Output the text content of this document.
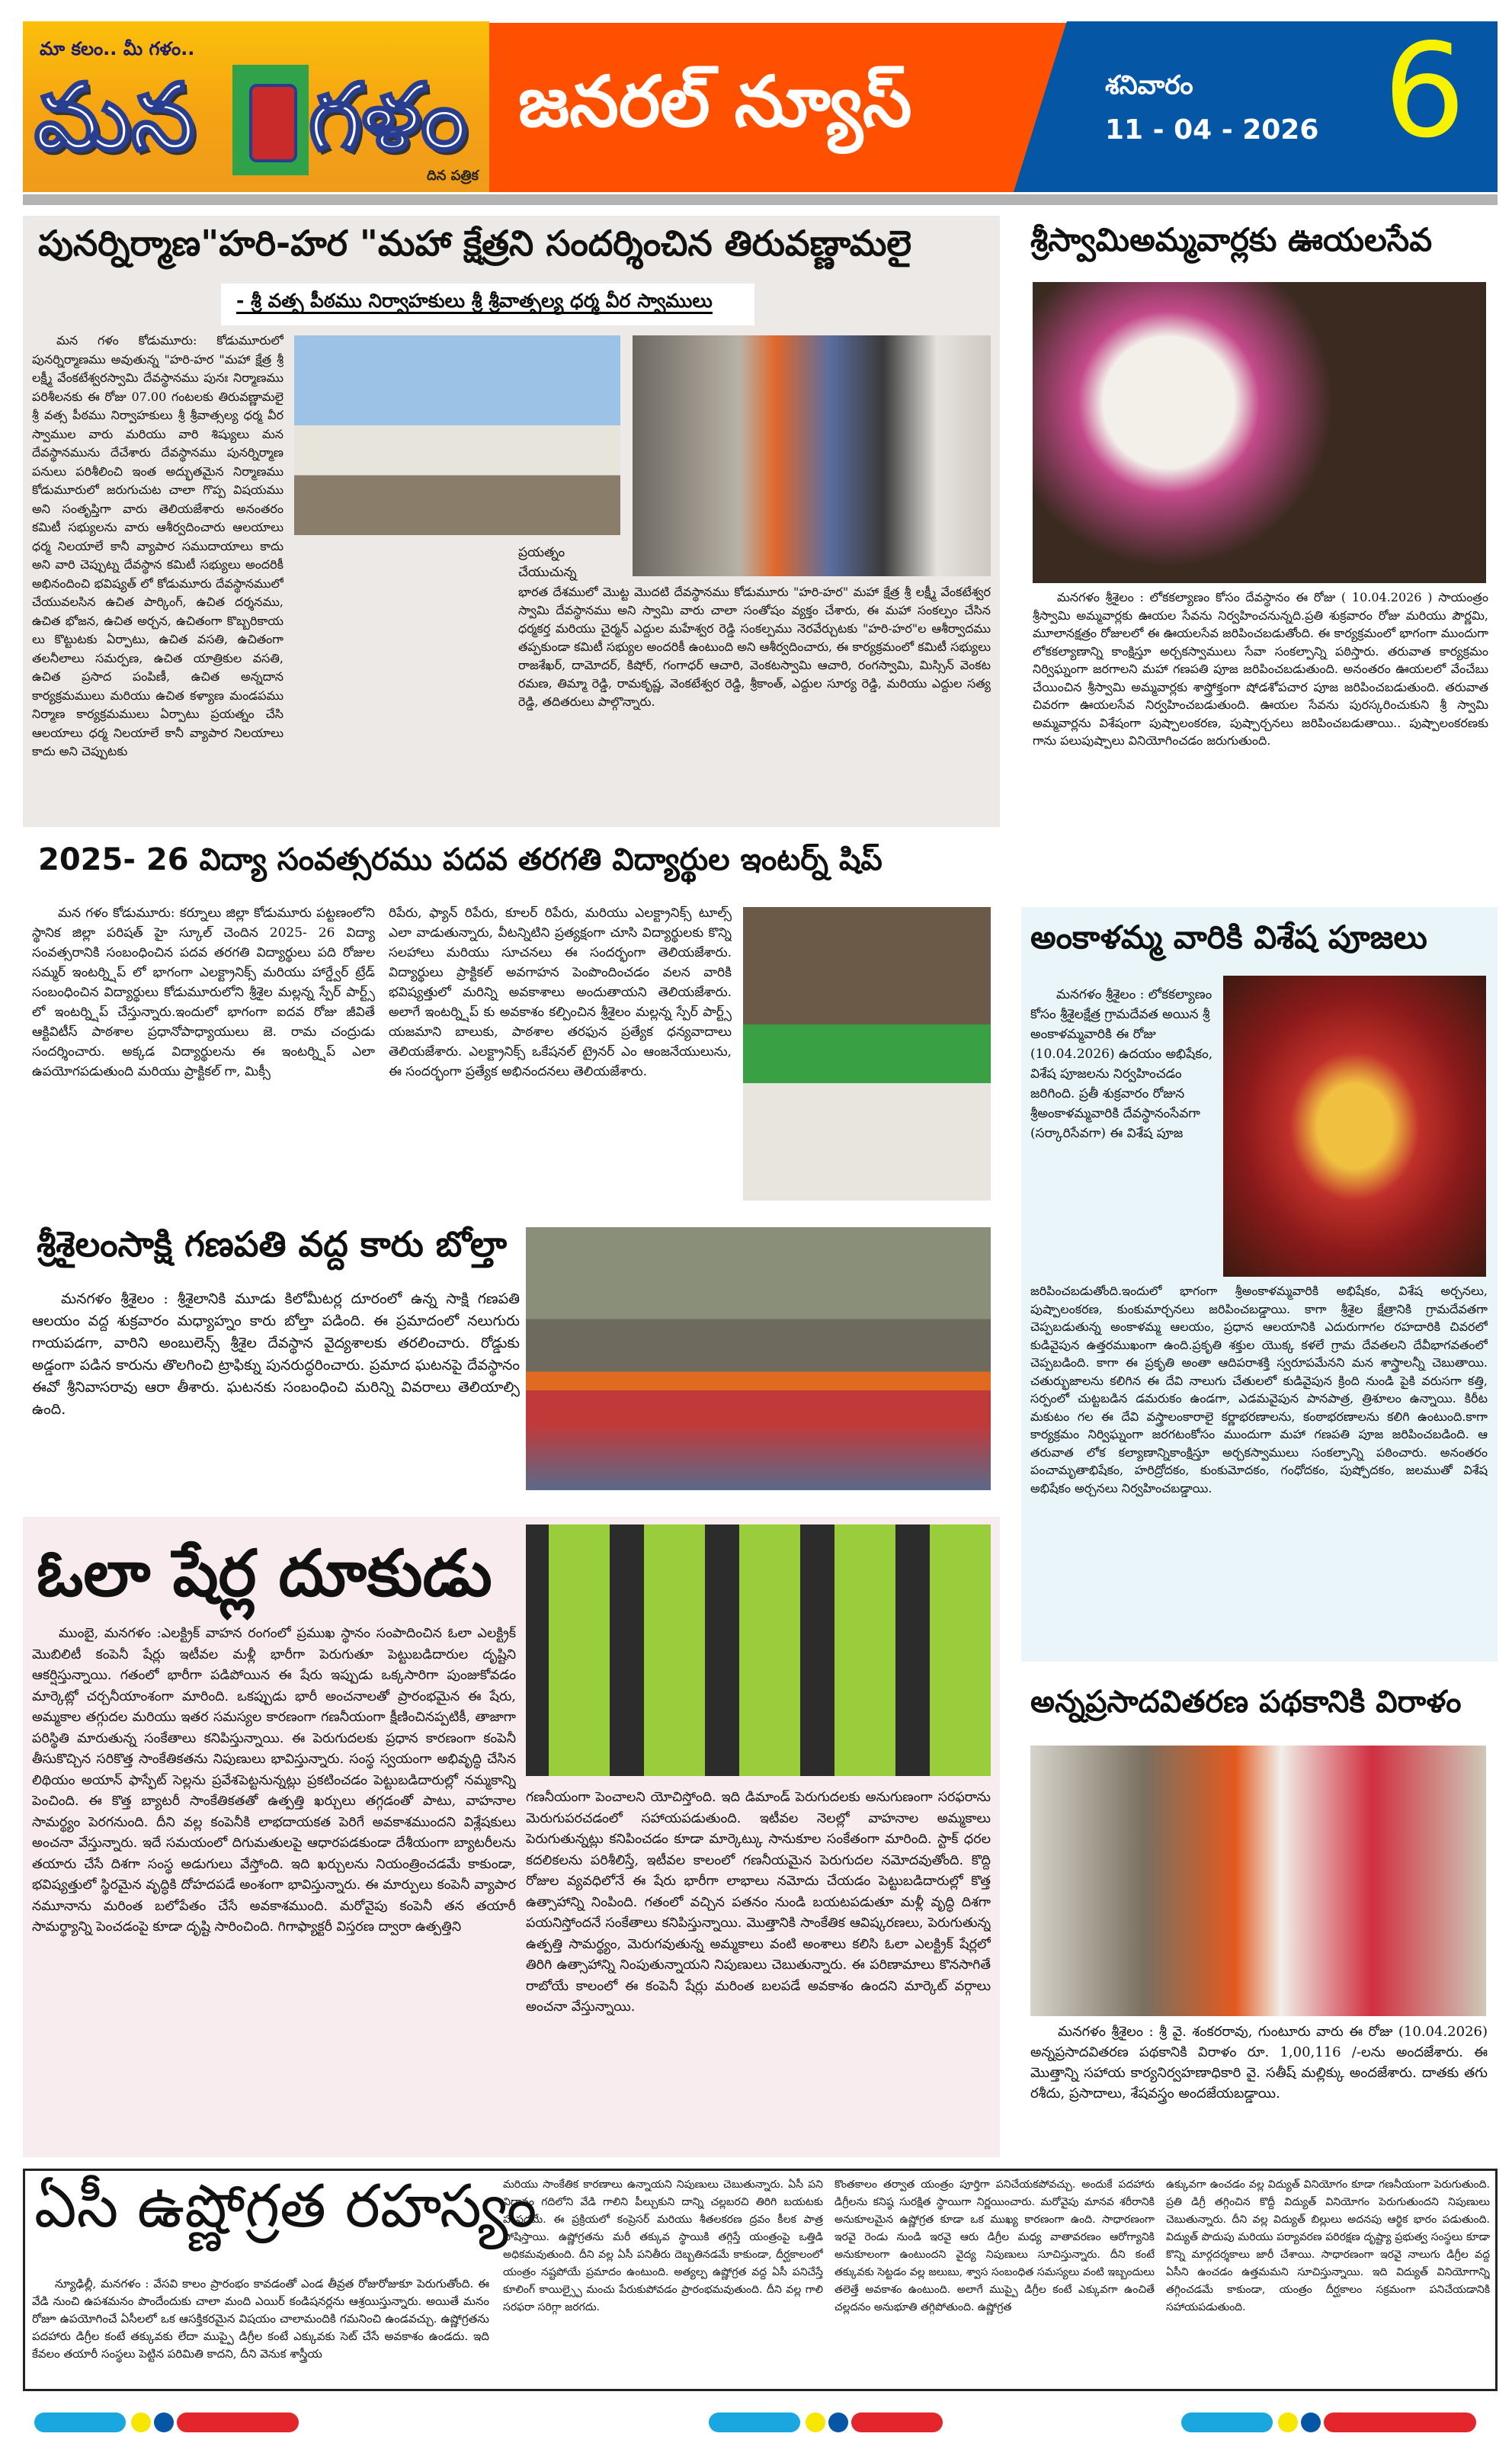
మా కలం.. మీ గళం..
మన గళం
దిన పత్రిక
జనరల్ న్యూస్	శనివారం
11 - 04 - 2026 6
పునర్నిర్మాణ"హరి-హర "మహా క్షేత్రని సందర్శించిన తిరువణ్ణామలై
- శ్రీ వత్స పీఠము నిర్వాహకులు శ్రీ శ్రీవాత్సల్య ధర్మ వీర స్వాములు

మన గళం కోడుమూరు: కోడుమూరులో పునర్నిర్మాణము అవుతున్న "హరి-హర "మహా క్షేత్ర శ్రీ లక్ష్మీ వేంకటేశ్వరస్వామి దేవస్థానము పునః నిర్మాణము పరిశీలనకు ఈ రోజు 07.00 గంటలకు తిరువణ్ణామలై శ్రీ వత్స పీఠము నిర్వాహకులు శ్రీ శ్రీవాత్సల్య ధర్మ వీర స్వాముల వారు మరియు వారి శిష్యులు మన దేవస్థానమును దేచేశారు దేవస్థానము పునర్నిర్మాణ పనులు పరిశీలించి ఇంత అద్భుతమైన నిర్మాణము కోడుమూరులో జరుగుచుట చాలా గొప్ప విషయము అని సంతృప్తిగా వారు తెలియజేశారు అనంతరం కమిటీ సభ్యులను వారు ఆశీర్వదించారు ఆలయాలు ధర్మ నిలయాలే కానీ వ్యాపార సముదాయాలు కాదు అని వారి చెప్పుట్న దేవస్థాన కమిటీ సభ్యులు అందరికీ అభినందించి భవిష్యత్ లో కోడుమూరు దేవస్థానములో చేయువలసిన ఉచిత పార్కింగ్, ఉచిత దర్శనము, ఉచిత భోజన, ఉచిత అర్చన, ఉచితంగా కొబ్బరికాయ లు కొట్టుటకు ఏర్పాటు, ఉచిత వసతి, ఉచితంగా తలనీలాలు సమర్పణ, ఉచిత యాత్రికుల వసతి, ఉచిత ప్రసాద పంపిణీ, ఉచిత అన్నదాన కార్యక్రమములు మరియు ఉచిత కళ్యాణ మండపము నిర్మాణ కార్యక్రమములు ఏర్పాటు ప్రయత్నం చేసి ఆలయాలు ధర్మ నిలయాలే కానీ వ్యాపార నిలయాలు కాదు అని చెప్పుటకు

ప్రయత్నం చేయుచున్న
భారత దేశములో మొట్ట మొదటి దేవస్థానము కోడుమూరు "హరి-హర" మహా క్షేత్ర శ్రీ లక్ష్మీ వేంకటేశ్వర స్వామి దేవస్థానము అని స్వామి వారు చాలా సంతోషం వ్యక్తం చేశారు, ఈ మహా సంకల్పం చేసిన ధర్మకర్త మరియు చైర్మన్ ఎద్దుల మహేశ్వర రెడ్డి సంకల్పము నెరవేర్చుటకు "హరి-హర"ల ఆశీర్వాదము తప్పకుండా కమిటీ సభ్యుల అందరికీ ఉంటుంది అని ఆశీర్వదించారు, ఈ కార్యక్రమంలో కమిటీ సభ్యులు రాజశేఖర్, దామోదర్, కిషోర్, గంగాధర్ ఆచారి, వెంకటస్వామి ఆచారి, రంగస్వామి, మిస్సిన్ వెంకట రమణ, తిమ్మా రెడ్డి, రామకృష్ణ, వెంకటేశ్వర రెడ్డి, శ్రీకాంత్, ఎద్దుల సూర్య రెడ్డి, మరియు ఎద్దుల సత్య రెడ్డి, తదితరులు పాల్గొన్నారు.
శ్రీస్వామిఅమ్మవార్లకు ఊయలసేవ

మనగళం శ్రీశైలం : లోకకల్యాణం కోసం దేవస్థానం ఈ రోజు ( 10.04.2026 ) సాయంత్రం శ్రీస్వామి అమ్మవార్లకు ఊయల సేవను నిర్వహించనున్నది.ప్రతి శుక్రవారం రోజు మరియు పౌర్ణమి, మూలానక్షత్రం రోజులలో ఈ ఊయలసేవ జరిపించబడుతోంది. ఈ కార్యక్రమంలో భాగంగా ముందుగా లోకకల్యాణాన్ని కాంక్షిస్తూ అర్చకస్వాములు సేవా సంకల్పాన్ని పఠిస్తారు. తరువాత కార్యక్రమం నిర్విఘ్నంగా జరగాలని మహా గణపతి పూజ జరిపించబడుతుంది. అనంతరం ఊయలలో వేంచేబు చేయించిన శ్రీస్వామి అమ్మవార్లకు శాస్త్రోక్తంగా షోడశోపచార పూజ జరిపించబడుతుంది. తరువాత చివరగా ఊయలసేవ నిర్వహించబడుతుంది. ఊయల సేవను పురస్కరించుకుని శ్రీ స్వామి అమ్మవార్లను విశేషంగా పుష్పాలంకరణ, పుష్పార్చనలు జరిపించబడుతాయి.. పుష్పాలంకరణకు గాను పలుపుష్పాలు వినియోగించడం జరుగుతుంది.

2025- 26 విద్యా సంవత్సరము పదవ తరగతి విద్యార్థుల ఇంటర్న్ షిప్

మన గళం కోడుమూరు: కర్నూలు జిల్లా కోడుమూరు పట్టణంలోని స్థానిక జిల్లా పరిషత్ హై స్కూల్ చెందిన 2025- 26 విద్యా సంవత్సరానికి సంబంధించిన పదవ తరగతి విద్యార్థులు పది రోజుల సమ్మర్ ఇంటర్న్షిప్ లో భాగంగా ఎలక్ట్రానిక్స్ మరియు హార్డ్వేర్ ట్రేడ్ సంబంధించిన విద్యార్థులు కోడుమూరులోని శ్రీశైల మల్లన్న స్పేర్ పార్ట్స్ లో ఇంటర్న్షిప్ చేస్తున్నారు.ఇందులో భాగంగా ఐదవ రోజు జీవితే ఆక్టివిటీస్ పాఠశాల ప్రధానోపాధ్యాయులు జె. రామ చంద్రుడు సందర్శించారు. అక్కడ విద్యార్థులను ఈ ఇంటర్న్షిప్ ఎలా ఉపయోగపడుతుంది మరియు ప్రాక్టికల్ గా, మిక్సీ

రిపేరు, ఫ్యాన్ రిపేరు, కూలర్ రిపేరు, మరియు ఎలక్ట్రానిక్స్ టూల్స్ ఎలా వాడుతున్నారు, వీటన్నిటిని ప్రత్యక్షంగా చూసి విద్యార్థులకు కొన్ని సలహాలు మరియు సూచనలు ఈ సందర్భంగా తెలియజేశారు. విద్యార్థులు ప్రాక్టికల్ అవగాహన పెంపొందించడం వలన వారికి భవిష్యత్తులో మరిన్ని అవకాశాలు అందుతాయని తెలియజేశారు. అలాగే ఇంటర్న్షిప్ కు అవకాశం కల్పించిన శ్రీశైలం మల్లన్న స్పేర్ పార్ట్స్ యజమాని బాలుకు, పాఠశాల తరఫున ప్రత్యేక ధన్యవాదాలు తెలియజేశారు. ఎలక్ట్రానిక్స్ ఒకేషనల్ ట్రైనర్ ఎం ఆంజనేయులును, ఈ సందర్భంగా ప్రత్యేక అభినందనలు తెలియజేశారు.
అంకాళమ్మ వారికి విశేష పూజలు

మనగళం శ్రీశైలం : లోకకల్యాణం కోసం శ్రీశైలక్షేత్ర గ్రామదేవత అయిన శ్రీ అంకాళమ్మవారికి ఈ రోజు (10.04.2026) ఉదయం అభిషేకం, విశేష పూజలను నిర్వహించడం జరిగింది. ప్రతీ శుక్రవారం రోజున శ్రీఅంకాళమ్మవారికి దేవస్థానంసేవగా (సర్కారిసేవగా) ఈ విశేష పూజ

జరిపించబడుతోంది.ఇందులో భాగంగా శ్రీఅంకాళమ్మవారికి అభిషేకం, విశేష అర్చనలు, పుష్పాలంకరణ, కుంకుమార్చనలు జరిపించబడ్డాయి. కాగా శ్రీశైల క్షేత్రానికి గ్రామదేవతగా చెప్పబడుతున్న అంకాళమ్మ ఆలయం, ప్రధాన ఆలయానికి ఎదురుగాగల రహదారికి చివరలో కుడివైపున ఉత్తరముఖంగా ఉంది.ప్రకృతి శక్తుల యొక్క కళలే గ్రామ దేవతలని దేవీభాగవతంలో చెప్పబడింది. కాగా ఈ ప్రకృతి అంతా ఆదిపరాశక్తి స్వరూపమేనని మన శాస్త్రాలన్నీ చెబుతాయి. చతుర్భుజాలను కలిగిన ఈ దేవి నాలుగు చేతులలో కుడివైపున క్రింది నుండి పైకి వరుసగా కత్తి, సర్పంలో చుట్టబడిన డమరుకం ఉండగా, ఎడమవైపున పానపాత్ర, త్రిశూలం ఉన్నాయి. కిరీట మకుటం గల ఈ దేవి వస్త్రాలంకారాలై కర్ణాభరణాలను, కంఠాభరణాలను కలిగి ఉంటుంది.కాగా కార్యక్రమం నిర్విఘ్నంగా జరగటంకోసం ముందుగా మహా గణపతి పూజ జరిపించబడింది. ఆ తరువాత లోక కల్యాణాన్నికాంక్షిస్తూ అర్చకస్వాములు సంకల్పాన్ని పఠించారు. అనంతరం పంచామృతాభిషేకం, హరిద్రోదకం, కుంకుమోదకం, గంధోదకం, పుష్పోదకం, జలముతో విశేష అభిషేకం అర్చనలు నిర్వహించబడ్డాయి.
శ్రీశైలంసాక్షి గణపతి వద్ద కారు బోల్తా

మనగళం శ్రీశైలం : శ్రీశైలానికి మూడు కిలోమీటర్ల దూరంలో ఉన్న సాక్షి గణపతి ఆలయం వద్ద శుక్రవారం మధ్యాహ్నం కారు బోల్తా పడింది. ఈ ప్రమాదంలో నలుగురు గాయపడగా, వారిని అంబులెన్స్ శ్రీశైల దేవస్థాన వైద్యశాలకు తరలించారు. రోడ్డుకు అడ్డంగా పడిన కారును తొలగించి ట్రాఫిక్ను పునరుద్ధరించారు. ప్రమాద ఘటనపై దేవస్థానం ఈవో శ్రీనివాసరావు ఆరా తీశారు. ఘటనకు సంబంధించి మరిన్ని వివరాలు తెలియాల్సి ఉంది.

ఓలా షేర్ల దూకుడు

ముంబై, మనగళం :ఎలక్ట్రిక్ వాహన రంగంలో ప్రముఖ స్థానం సంపాదించిన ఓలా ఎలక్ట్రిక్ మొబిలిటీ కంపెనీ షేర్లు ఇటీవల మళ్లీ భారీగా పెరుగుతూ పెట్టుబడిదారుల దృష్టిని ఆకర్షిస్తున్నాయి. గతంలో భారీగా పడిపోయిన ఈ షేరు ఇప్పుడు ఒక్కసారిగా పుంజుకోవడం మార్కెట్లో చర్చనీయాంశంగా మారింది. ఒకప్పుడు భారీ అంచనాలతో ప్రారంభమైన ఈ షేరు, అమ్మకాల తగ్గుదల మరియు ఇతర సమస్యల కారణంగా గణనీయంగా క్షీణించినప్పటికీ, తాజాగా పరిస్థితి మారుతున్న సంకేతాలు కనిపిస్తున్నాయి. ఈ పెరుగుదలకు ప్రధాన కారణంగా కంపెనీ తీసుకొచ్చిన సరికొత్త సాంకేతికతను నిపుణులు భావిస్తున్నారు. సంస్థ స్వయంగా అభివృద్ధి చేసిన లిథియం అయాన్ ఫాస్ఫేట్ సెల్లను ప్రవేశపెట్టనున్నట్లు ప్రకటించడం పెట్టుబడిదారుల్లో నమ్మకాన్ని పెంచింది. ఈ కొత్త బ్యాటరీ సాంకేతికతతో ఉత్పత్తి ఖర్చులు తగ్గడంతో పాటు, వాహనాల సామర్థ్యం పెరగనుంది. దీని వల్ల కంపెనీకి లాభదాయకత పెరిగే అవకాశముందని విశ్లేషకులు అంచనా వేస్తున్నారు. ఇదే సమయంలో దిగుమతులపై ఆధారపడకుండా దేశీయంగా బ్యాటరీలను తయారు చేసే దిశగా సంస్థ అడుగులు వేస్తోంది. ఇది ఖర్చులను నియంత్రించడమే కాకుండా, భవిష్యత్తులో స్థిరమైన వృద్ధికి దోహదపడే అంశంగా భావిస్తున్నారు. ఈ మార్పులు కంపెనీ వ్యాపార నమూనాను మరింత బలోపేతం చేసే అవకాశముంది. మరోవైపు కంపెనీ తన తయారీ సామర్థ్యాన్ని పెంచడంపై కూడా దృష్టి సారించింది. గిగాఫ్యాక్టరీ విస్తరణ ద్వారా ఉత్పత్తిని

గణనీయంగా పెంచాలని యోచిస్తోంది. ఇది డిమాండ్ పెరుగుదలకు అనుగుణంగా సరఫరాను మెరుగుపరచడంలో సహాయపడుతుంది. ఇటీవల నెలల్లో వాహనాల అమ్మకాలు పెరుగుతున్నట్లు కనిపించడం కూడా మార్కెట్కు సానుకూల సంకేతంగా మారింది. స్టాక్ ధరల కదలికలను పరిశీలిస్తే, ఇటీవల కాలంలో గణనీయమైన పెరుగుదల నమోదవుతోంది. కొద్ది రోజుల వ్యవధిలోనే ఈ షేరు భారీగా లాభాలు నమోదు చేయడం పెట్టుబడిదారుల్లో కొత్త ఉత్సాహాన్ని నింపింది. గతంలో వచ్చిన పతనం నుండి బయటపడుతూ మళ్లీ వృద్ధి దిశగా పయనిస్తోందనే సంకేతాలు కనిపిస్తున్నాయి. మొత్తానికి సాంకేతిక ఆవిష్కరణలు, పెరుగుతున్న ఉత్పత్తి సామర్థ్యం, మెరుగవుతున్న అమ్మకాలు వంటి అంశాలు కలిసి ఓలా ఎలక్ట్రిక్ షేర్లలో తిరిగి ఉత్సాహాన్ని నింపుతున్నాయని నిపుణులు చెబుతున్నారు. ఈ పరిణామాలు కొనసాగితే రాబోయే కాలంలో ఈ కంపెనీ షేర్లు మరింత బలపడే అవకాశం ఉందని మార్కెట్ వర్గాలు అంచనా వేస్తున్నాయి.
అన్నప్రసాదవితరణ పథకానికి విరాళం

మనగళం శ్రీశైలం : శ్రీ వై. శంకరరావు, గుంటూరు వారు ఈ రోజు (10.04.2026) అన్నప్రసాదవితరణ పథకానికి విరాళం రూ. 1,00,116 /-లను అందజేశారు. ఈ మొత్తాన్ని సహాయ కార్యనిర్వహణాధికారి వై. సతీష్ మల్లిక్కు అందజేశారు. దాతకు తగు రశీదు, ప్రసాదాలు, శేషవస్త్రం అందజేయబడ్డాయి.

ఏసీ ఉష్ణోగ్రత రహస్యం

న్యూఢిల్లీ, మనగళం : వేసవి కాలం ప్రారంభం కావడంతో ఎండ తీవ్రత రోజురోజుకూ పెరుగుతోంది. ఈ వేడి నుంచి ఉపశమనం పొందేందుకు చాలా మంది ఎయిర్ కండిషనర్లను ఆశ్రయిస్తున్నారు. అయితే మనం రోజూ ఉపయోగించే ఏసీలలో ఒక ఆసక్తికరమైన విషయం చాలామందికి గమనించి ఉండవచ్చు. ఉష్ణోగ్రతను పదహారు డిగ్రీల కంటే తక్కువకు లేదా ముప్పై డిగ్రీల కంటే ఎక్కువకు సెట్ చేసే అవకాశం ఉండదు. ఇది కేవలం తయారీ సంస్థలు పెట్టిన పరిమితి కాదని, దీని వెనుక శాస్త్రీయ

మరియు సాంకేతిక కారణాలు ఉన్నాయని నిపుణులు చెబుతున్నారు. ఏసీ పని విధానం గదిలోని వేడి గాలిని పీల్చుకుని దాన్ని చల్లబరచి తిరిగి బయటకు పంపడమే. ఈ ప్రక్రియలో కంప్రెసర్ మరియు శీతలకరణ ద్రవం కీలక పాత్ర పోషిస్తాయి. ఉష్ణోగ్రతను మరీ తక్కువ స్థాయికి తగ్గిస్తే యంత్రంపై ఒత్తిడి అధికమవుతుంది. దీని వల్ల ఏసీ పనితీరు దెబ్బతినడమే కాకుండా, దీర్ఘకాలంలో యంత్రం నష్టపోయే ప్రమాదం ఉంటుంది. అత్యల్ప ఉష్ణోగ్రత వద్ద ఏసీ పనిచేస్తే కూలింగ్ కాయిల్స్పై మంచు పేరుకుపోవడం ప్రారంభమవుతుంది. దీని వల్ల గాలి సరఫరా సరిగ్గా జరగదు.
కొంతకాలం తర్వాత యంత్రం పూర్తిగా పనిచేయకపోవచ్చు. అందుకే పదహారు డిగ్రీలను కనిష్ఠ సురక్షిత స్థాయిగా నిర్ణయించారు. మరోవైపు మానవ శరీరానికి అనుకూలమైన ఉష్ణోగ్రత కూడా ఒక ముఖ్య కారణంగా ఉంది. సాధారణంగా ఇరవై రెండు నుండి ఇరవై ఆరు డిగ్రీల మధ్య వాతావరణం ఆరోగ్యానికి అనుకూలంగా ఉంటుందని వైద్య నిపుణులు సూచిస్తున్నారు. దీని కంటే తక్కువకు సెట్టడం వల్ల జలుబు, శ్వాస సంబంధిత సమస్యలు వంటి ఇబ్బందులు తలెత్తే అవకాశం ఉంటుంది. అలాగే ముప్పై డిగ్రీల కంటే ఎక్కువగా ఉంచితే చల్లదనం అనుభూతి తగ్గిపోతుంది. ఉష్ణోగ్రత
ఉక్కువగా ఉంచడం వల్ల విద్యుత్ వినియోగం కూడా గణనీయంగా పెరుగుతుంది. ప్రతి డిగ్రీ తగ్గించిన కొద్దీ విద్యుత్ వినియోగం పెరుగుతుందని నిపుణులు చెబుతున్నారు. దీని వల్ల విద్యుత్ బిల్లులు అదనపు ఆర్థిక భారం పడుతుంది. విద్యుత్ పొదుపు మరియు పర్యావరణ పరిరక్షణ దృష్ట్యా ప్రభుత్వ సంస్థలు కూడా కొన్ని మార్గదర్శకాలు జారీ చేశాయి. సాధారణంగా ఇరవై నాలుగు డిగ్రీల వద్ద ఏసీని ఉంచడం ఉత్తమమని సూచిస్తున్నాయి. ఇది విద్యుత్ వినియోగాన్ని తగ్గించడమే కాకుండా, యంత్రం దీర్ఘకాలం సక్రమంగా పనిచేయడానికి సహాయపడుతుంది.
